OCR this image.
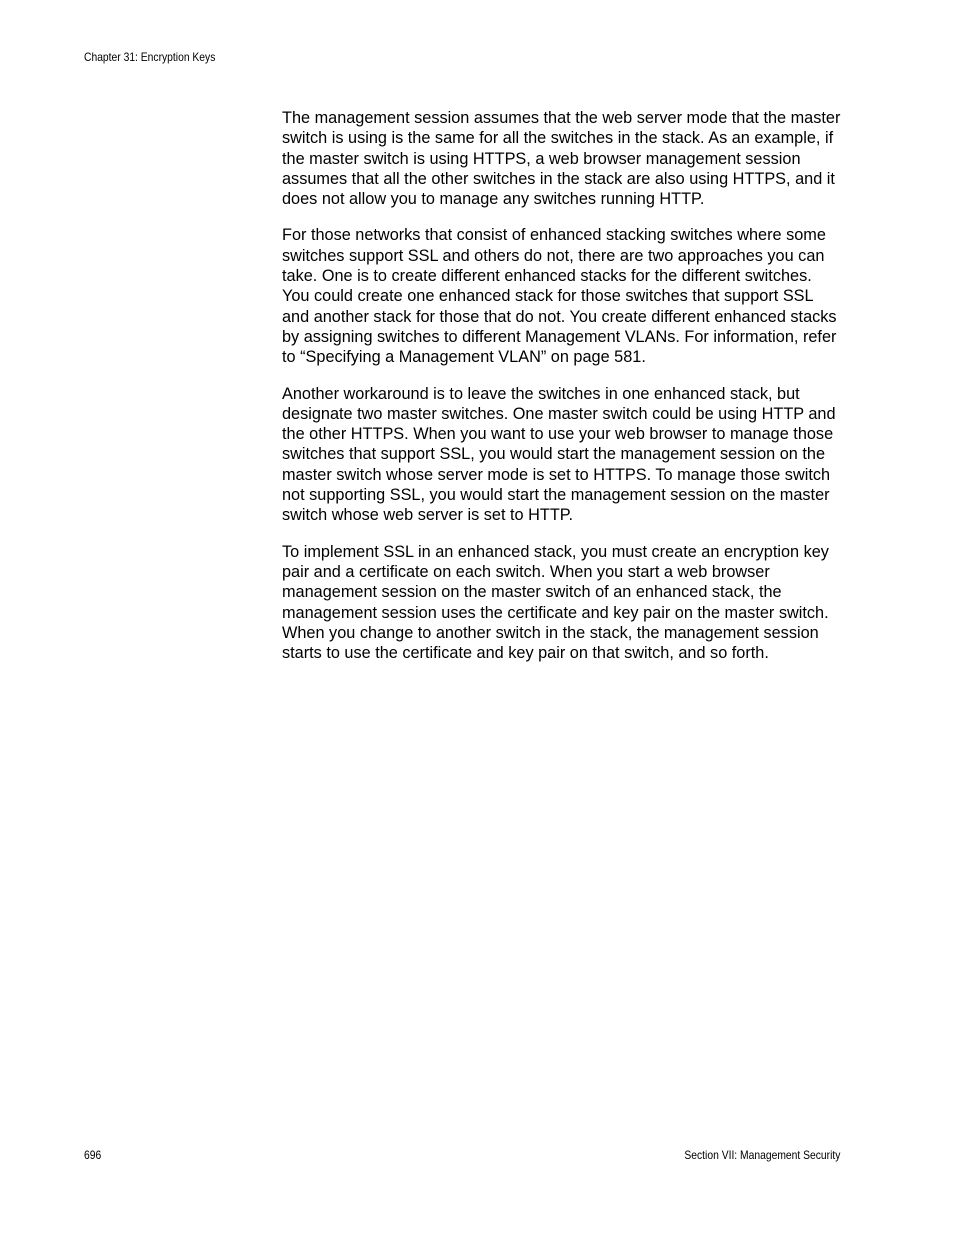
Chapter 31: Encryption Keys

The management session assumes that the web server mode that the master switch is using is the same for all the switches in the stack. As an example, if the master switch is using HTTPS, a web browser management session assumes that all the other switches in the stack are also using HTTPS, and it does not allow you to manage any switches running HTTP.

For those networks that consist of enhanced stacking switches where some switches support SSL and others do not, there are two approaches you can take. One is to create different enhanced stacks for the different switches. You could create one enhanced stack for those switches that support SSL and another stack for those that do not. You create different enhanced stacks by assigning switches to different Management VLANs. For information, refer to “Specifying a Management VLAN” on page 581.

Another workaround is to leave the switches in one enhanced stack, but designate two master switches. One master switch could be using HTTP and the other HTTPS. When you want to use your web browser to manage those switches that support SSL, you would start the management session on the master switch whose server mode is set to HTTPS. To manage those switch not supporting SSL, you would start the management session on the master switch whose web server is set to HTTP.

To implement SSL in an enhanced stack, you must create an encryption key pair and a certificate on each switch. When you start a web browser management session on the master switch of an enhanced stack, the management session uses the certificate and key pair on the master switch. When you change to another switch in the stack, the management session starts to use the certificate and key pair on that switch, and so forth.

696	Section VII: Management Security
